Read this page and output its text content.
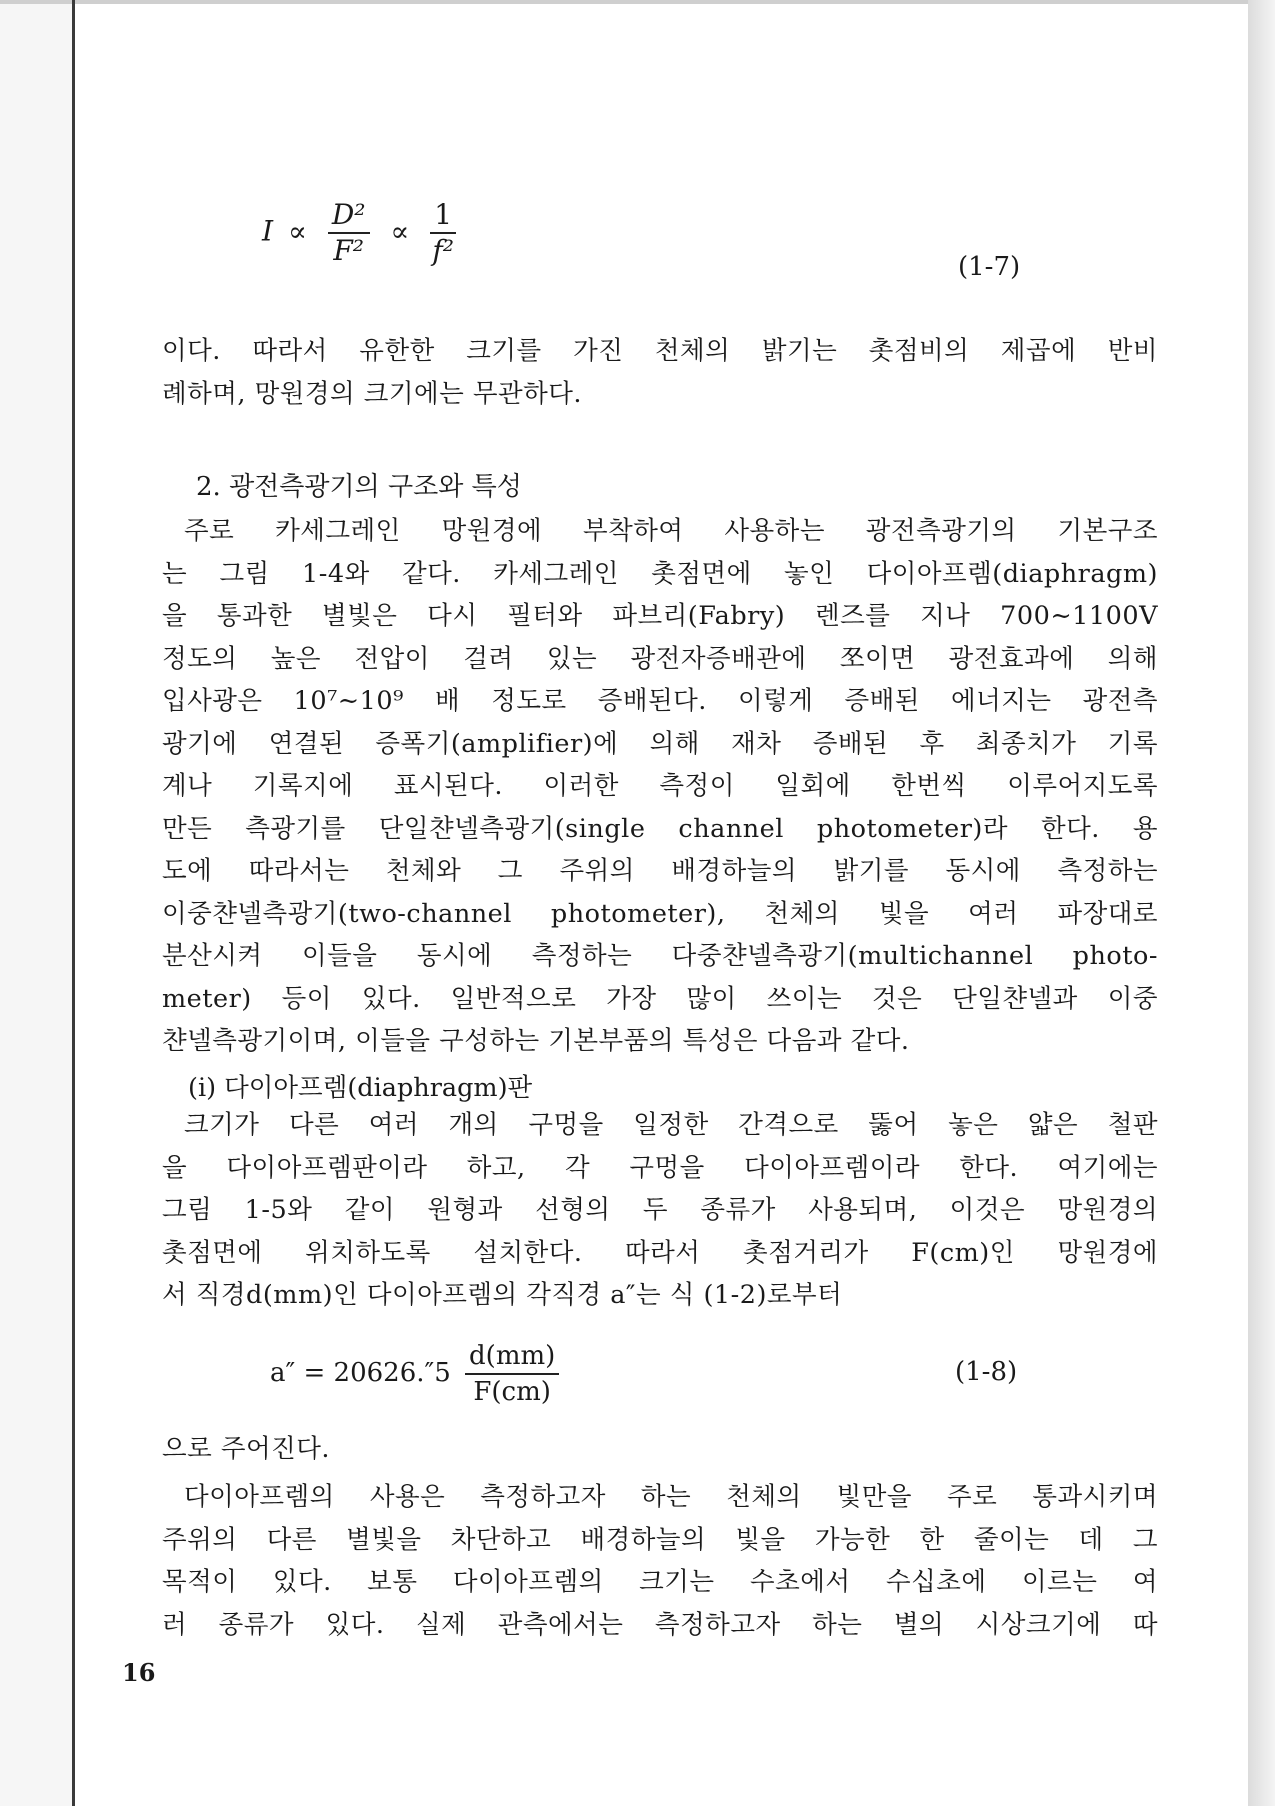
$I \propto \frac{\text{D²}}{\text{F²}} \propto \frac{1}{\text{f²}}$
(1-7)
이다. 따라서 유한한 크기를 가진 천체의 밝기는 촛점비의 제곱에 반비
례하며, 망원경의 크기에는 무관하다.
2. 광전측광기의 구조와 특성
주로 카세그레인 망원경에 부착하여 사용하는 광전측광기의 기본구조
는 그림 1-4와 같다. 카세그레인 촛점면에 놓인 다이아프렘(diaphragm)
을 통과한 별빛은 다시 필터와 파브리(Fabry) 렌즈를 지나 700∼1100V
정도의 높은 전압이 걸려 있는 광전자증배관에 쪼이면 광전효과에 의해
입사광은 10⁷∼10⁹ 배 정도로 증배된다. 이렇게 증배된 에너지는 광전측
광기에 연결된 증폭기(amplifier)에 의해 재차 증배된 후 최종치가 기록
계나 기록지에 표시된다. 이러한 측정이 일회에 한번씩 이루어지도록
만든 측광기를 단일챤넬측광기(single channel photometer)라 한다. 용
도에 따라서는 천체와 그 주위의 배경하늘의 밝기를 동시에 측정하는
이중챤넬측광기(two-channel photometer), 천체의 빛을 여러 파장대로
분산시켜 이들을 동시에 측정하는 다중챤넬측광기(multichannel photo-
meter) 등이 있다. 일반적으로 가장 많이 쓰이는 것은 단일챤넬과 이중
챤넬측광기이며, 이들을 구성하는 기본부품의 특성은 다음과 같다.
(i) 다이아프렘(diaphragm)판
크기가 다른 여러 개의 구멍을 일정한 간격으로 뚫어 놓은 얇은 철판
을 다이아프렘판이라 하고, 각 구멍을 다이아프렘이라 한다. 여기에는
그림 1-5와 같이 원형과 선형의 두 종류가 사용되며, 이것은 망원경의
촛점면에 위치하도록 설치한다. 따라서 촛점거리가 F(cm)인 망원경에
서 직경d(mm)인 다이아프렘의 각직경 a″는 식 (1-2)로부터
$a'' = 20626.''5 \frac{d(mm)}{F(cm)}$	(1-8)
으로 주어진다.
다이아프렘의 사용은 측정하고자 하는 천체의 빛만을 주로 통과시키며
주위의 다른 별빛을 차단하고 배경하늘의 빛을 가능한 한 줄이는 데 그
목적이 있다. 보통 다이아프렘의 크기는 수초에서 수십초에 이르는 여
러 종류가 있다. 실제 관측에서는 측정하고자 하는 별의 시상크기에 따
16
